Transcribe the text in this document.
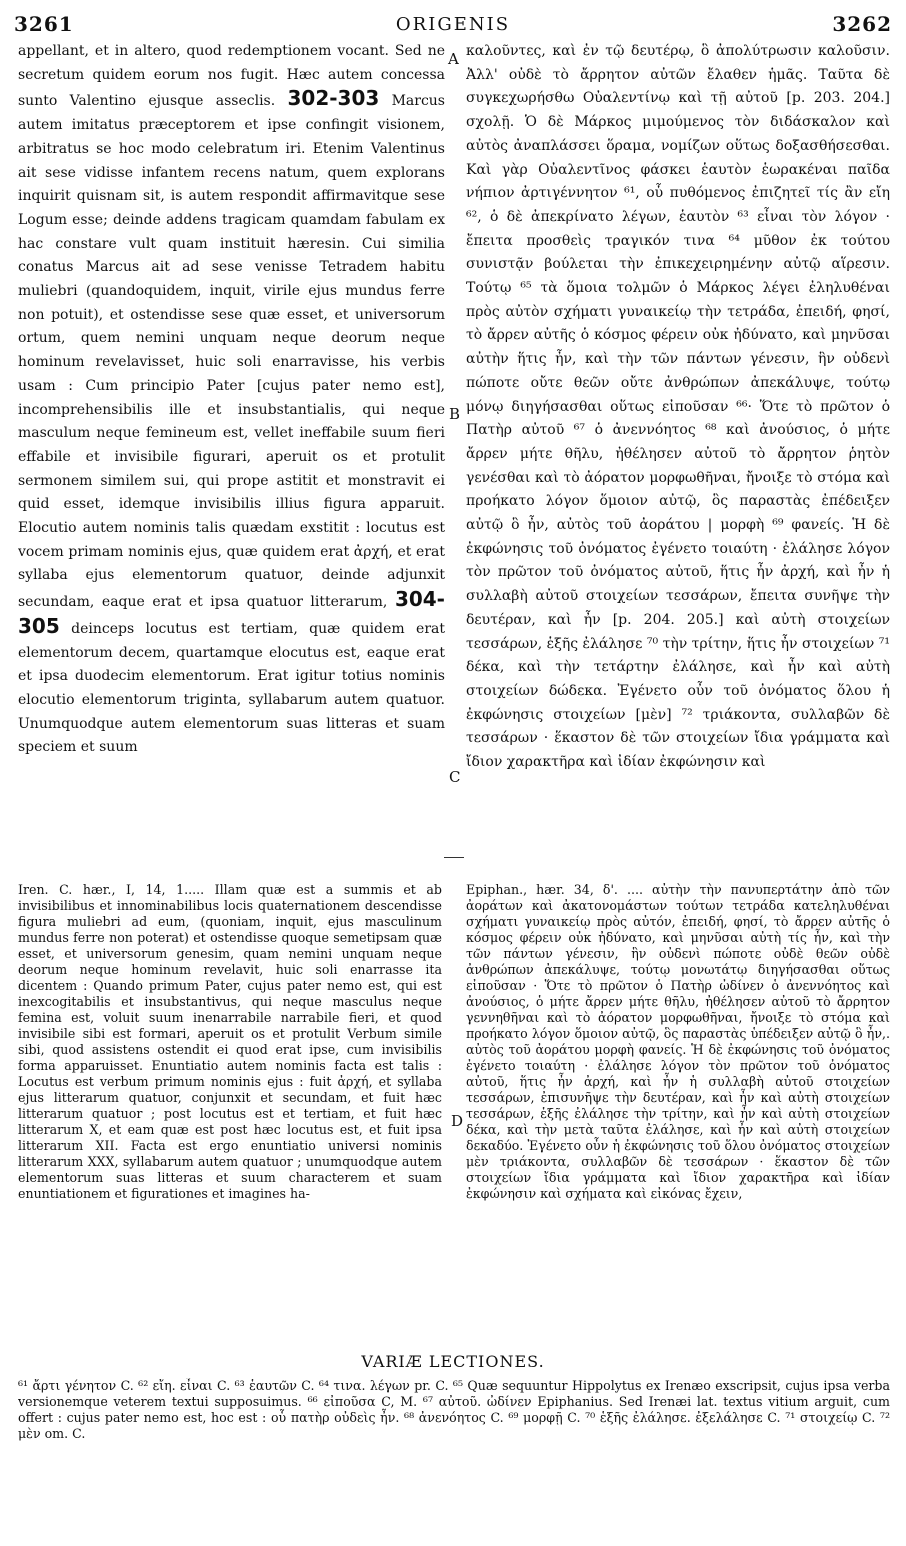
3261	ORIGENIS	3262
appellant, et in altero, quod redemptionem vocant. Sed ne secretum quidem eorum nos fugit. Hæc autem concessa sunto Valentino ejusque asseclis. 302-303 Marcus autem imitatus præceptorem et ipse confingit visionem, arbitratus se hoc modo celebratum iri. Etenim Valentinus ait sese vidisse infantem recens natum, quem explorans inquirit quisnam sit, is autem respondit affirmavitque sese Logum esse; deinde addens tragicam quamdam fabulam ex hac constare vult quam instituit hæresin. Cui similia conatus Marcus ait ad sese venisse Tetradem habitu muliebri (quandoquidem, inquit, virile ejus mundus ferre non potuit), et ostendisse sese quæ esset, et universorum ortum, quem nemini unquam neque deorum neque hominum revelavisset, huic soli enarravisse, his verbis usam : Cum principio Pater [cujus pater nemo est], incomprehensibilis ille et insubstantialis, qui neque masculum neque femineum est, vellet ineffabile suum fieri effabile et invisibile figurari, aperuit os et protulit sermonem similem sui, qui prope astitit et monstravit ei quid esset, idemque invisibilis illius figura apparuit. Elocutio autem nominis talis quædam exstitit : locutus est vocem primam nominis ejus, quæ quidem erat ἀρχή, et erat syllaba ejus elementorum quatuor, deinde adjunxit secundam, eaque erat et ipsa quatuor litterarum, 304-305 deinceps locutus est tertiam, quæ quidem erat elementorum decem, quartamque elocutus est, eaque erat et ipsa duodecim elementorum. Erat igitur totius nominis elocutio elementorum triginta, syllabarum autem quatuor. Unumquodque autem elementorum suas litteras et suam speciem et suum
A
B
C
D
καλοῦντες, καὶ ἐν τῷ δευτέρῳ, ὃ ἀπολύτρωσιν καλοῦσιν. Ἀλλ' οὐδὲ τὸ ἄρρητον αὐτῶν ἔλαθεν ἡμᾶς. Ταῦτα δὲ συγκεχωρήσθω Οὐαλεντίνῳ καὶ τῇ αὐτοῦ [p. 203. 204.] σχολῇ. Ὁ δὲ Μάρκος μιμούμενος τὸν διδάσκαλον καὶ αὐτὸς ἀναπλάσσει ὅραμα, νομίζων οὕτως δοξασθήσεσθαι. Καὶ γὰρ Οὐαλεντῖνος φάσκει ἑαυτὸν ἑωρακέναι παῖδα νήπιον ἀρτιγέννητον ⁶¹, οὗ πυθόμενος ἐπιζητεῖ τίς ἂν εἴη ⁶², ὁ δὲ ἀπεκρίνατο λέγων, ἑαυτὸν ⁶³ εἶναι τὸν λόγον · ἔπειτα προσθεὶς τραγικόν τινα ⁶⁴ μῦθον ἐκ τούτου συνιστᾷν βούλεται τὴν ἐπικεχειρημένην αὐτῷ αἵρεσιν. Τούτῳ ⁶⁵ τὰ ὅμοια τολμῶν ὁ Μάρκος λέγει ἐληλυθέναι πρὸς αὐτὸν σχήματι γυναικείῳ τὴν τετράδα, ἐπειδή, φησί, τὸ ἄρρεν αὐτῆς ὁ κόσμος φέρειν οὐκ ἠδύνατο, καὶ μηνῦσαι αὐτὴν ἥτις ἦν, καὶ τὴν τῶν πάντων γένεσιν, ἣν οὐδενὶ πώποτε οὔτε θεῶν οὔτε ἀνθρώπων ἀπεκάλυψε, τούτῳ μόνῳ διηγήσασθαι οὕτως εἰποῦσαν ⁶⁶· Ὅτε τὸ πρῶτον ὁ Πατὴρ αὐτοῦ ⁶⁷ ὁ ἀνεννόητος ⁶⁸ καὶ ἀνούσιος, ὁ μήτε ἄρρεν μήτε θῆλυ, ἠθέλησεν αὐτοῦ τὸ ἄρρητον ῥητὸν γενέσθαι καὶ τὸ ἀόρατον μορφωθῆναι, ἤνοιξε τὸ στόμα καὶ προήκατο λόγον ὅμοιον αὐτῷ, ὃς παραστὰς ἐπέδειξεν αὐτῷ ὃ ἦν, αὐτὸς τοῦ ἀοράτου | μορφὴ ⁶⁹ φανείς. Ἡ δὲ ἐκφώνησις τοῦ ὀνόματος ἐγένετο τοιαύτη · ἐλάλησε λόγον τὸν πρῶτον τοῦ ὀνόματος αὐτοῦ, ἥτις ἦν ἀρχή, καὶ ἦν ἡ συλλαβὴ αὐτοῦ στοιχείων τεσσάρων, ἔπειτα συνῆψε τὴν δευτέραν, καὶ ἦν [p. 204. 205.] καὶ αὐτὴ στοιχείων τεσσάρων, ἑξῆς ἐλάλησε ⁷⁰ τὴν τρίτην, ἥτις ἦν στοιχείων ⁷¹ δέκα, καὶ τὴν τετάρτην ἐλάλησε, καὶ ἦν καὶ αὐτὴ στοιχείων δώδεκα. Ἐγένετο οὖν τοῦ ὀνόματος ὅλου ἡ ἐκφώνησις στοιχείων [μὲν] ⁷² τριάκοντα, συλλαβῶν δὲ τεσσάρων · ἕκαστον δὲ τῶν στοιχείων ἴδια γράμματα καὶ ἴδιον χαρακτῆρα καὶ ἰδίαν ἐκφώνησιν καὶ
Iren. C. hær., I, 14, 1..... Illam quæ est a summis et ab invisibilibus et innominabilibus locis quaternationem descendisse figura muliebri ad eum, (quoniam, inquit, ejus masculinum mundus ferre non poterat) et ostendisse quoque semetipsam quæ esset, et universorum genesim, quam nemini unquam neque deorum neque hominum revelavit, huic soli enarrasse ita dicentem : Quando primum Pater, cujus pater nemo est, qui est inexcogitabilis et insubstantivus, qui neque masculus neque femina est, voluit suum inenarrabile narrabile fieri, et quod invisibile sibi est formari, aperuit os et protulit Verbum simile sibi, quod assistens ostendit ei quod erat ipse, cum invisibilis forma apparuisset. Enuntiatio autem nominis facta est talis : Locutus est verbum primum nominis ejus : fuit ἀρχή, et syllaba ejus litterarum quatuor, conjunxit et secundam, et fuit hæc litterarum quatuor ; post locutus est et tertiam, et fuit hæc litterarum X, et eam quæ est post hæc locutus est, et fuit ipsa litterarum XII. Facta est ergo enuntiatio universi nominis litterarum XXX, syllabarum autem quatuor ; unumquodque autem elementorum suas litteras et suum characterem et suam enuntiationem et figurationes et imagines ha-
Epiphan., hær. 34, δ'. .... αὐτὴν τὴν πανυπερτάτην ἀπὸ τῶν ἀοράτων καὶ ἀκατονομάστων τούτων τετράδα κατεληλυθέναι σχήματι γυναικείῳ πρὸς αὐτόν, ἐπειδή, φησί, τὸ ἄρρεν αὐτῆς ὁ κόσμος φέρειν οὐκ ἠδύνατο, καὶ μηνῦσαι αὐτὴ τίς ἦν, καὶ τὴν τῶν πάντων γένεσιν, ἣν οὐδενὶ πώποτε οὐδὲ θεῶν οὐδὲ ἀνθρώπων ἀπεκάλυψε, τούτῳ μονωτάτῳ διηγήσασθαι οὕτως εἰποῦσαν · Ὅτε τὸ πρῶτον ὁ Πατὴρ ὠδίνεν ὁ ἀνεννόητος καὶ ἀνούσιος, ὁ μήτε ἄρρεν μήτε θῆλυ, ἠθέλησεν αὐτοῦ τὸ ἄρρητον γεννηθῆναι καὶ τὸ ἀόρατον μορφωθῆναι, ἤνοιξε τὸ στόμα καὶ προήκατο λόγον ὅμοιον αὐτῷ, ὃς παραστὰς ὑπέδειξεν αὐτῷ ὃ ἦν,. αὐτὸς τοῦ ἀοράτου μορφὴ φανείς. Ἡ δὲ ἐκφώνησις τοῦ ὀνόματος ἐγένετο τοιαύτη · ἐλάλησε λόγον τὸν πρῶτον τοῦ ὀνόματος αὐτοῦ, ἥτις ἦν ἀρχή, καὶ ἦν ἡ συλλαβὴ αὐτοῦ στοιχείων τεσσάρων, ἐπισυνῆψε τὴν δευτέραν, καὶ ἦν καὶ αὐτὴ στοιχείων τεσσάρων, ἑξῆς ἐλάλησε τὴν τρίτην, καὶ ἦν καὶ αὐτὴ στοιχείων δέκα, καὶ τὴν μετὰ ταῦτα ἐλάλησε, καὶ ἦν καὶ αὐτὴ στοιχείων δεκαδύο. Ἐγένετο οὖν ἡ ἐκφώνησις τοῦ ὅλου ὀνόματος στοιχείων μὲν τριάκοντα, συλλαβῶν δὲ τεσσάρων · ἕκαστον δὲ τῶν στοιχείων ἴδια γράμματα καὶ ἴδιον χαρακτῆρα καὶ ἰδίαν ἐκφώνησιν καὶ σχήματα καὶ εἰκόνας ἔχειν,
VARIÆ LECTIONES.
⁶¹ ἄρτι γένητον C. ⁶² εἴη. εἶναι C. ⁶³ ἑαυτῶν C. ⁶⁴ τινα. λέγων pr. C. ⁶⁵ Quæ sequuntur Hippolytus ex Irenæo exscripsit, cujus ipsa verba versionemque veterem textui supposuimus. ⁶⁶ εἰποῦσα C, M. ⁶⁷ αὐτοῦ. ὠδίνεν Epiphanius. Sed Irenæi lat. textus vitium arguit, cum offert : cujus pater nemo est, hoc est : οὗ πατὴρ οὐδεὶς ἦν. ⁶⁸ ἀνενόητος C. ⁶⁹ μορφῇ C. ⁷⁰ ἑξῆς ἐλάλησε. ἐξελάλησε C. ⁷¹ στοιχείῳ C. ⁷² μὲν om. C.
